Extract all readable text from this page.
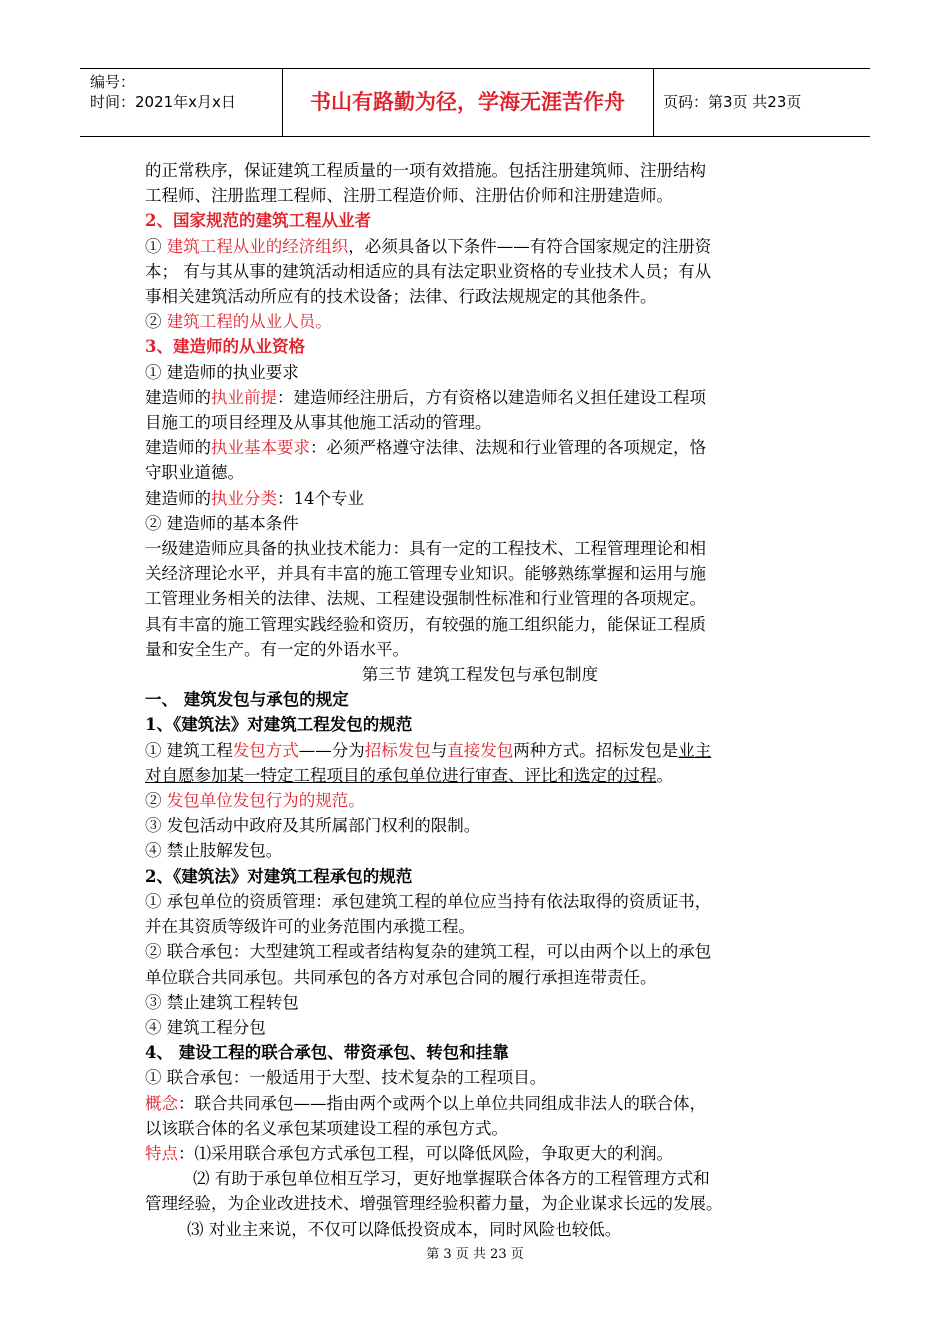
编号：
时间：2021年x月x日	书山有路勤为径，学海无涯苦作舟	页码：第3页 共23页

的正常秩序，保证建筑工程质量的一项有效措施。包括注册建筑师、注册结构

工程师、注册监理工程师、注册工程造价师、注册估价师和注册建造师。

2、国家规范的建筑工程从业者

① 建筑工程从业的经济组织，必须具备以下条件——有符合国家规定的注册资

本； 有与其从事的建筑活动相适应的具有法定职业资格的专业技术人员；有从

事相关建筑活动所应有的技术设备；法律、行政法规规定的其他条件。

② 建筑工程的从业人员。

3、建造师的从业资格

① 建造师的执业要求

建造师的执业前提：建造师经注册后，方有资格以建造师名义担任建设工程项

目施工的项目经理及从事其他施工活动的管理。

建造师的执业基本要求：必须严格遵守法律、法规和行业管理的各项规定，恪

守职业道德。

建造师的执业分类：14个专业

② 建造师的基本条件

一级建造师应具备的执业技术能力：具有一定的工程技术、工程管理理论和相

关经济理论水平，并具有丰富的施工管理专业知识。能够熟练掌握和运用与施

工管理业务相关的法律、法规、工程建设强制性标准和行业管理的各项规定。

具有丰富的施工管理实践经验和资历，有较强的施工组织能力，能保证工程质

量和安全生产。有一定的外语水平。

第三节 建筑工程发包与承包制度

一、 建筑发包与承包的规定

1、《建筑法》对建筑工程发包的规范

① 建筑工程发包方式——分为招标发包与直接发包两种方式。招标发包是业主

对自愿参加某一特定工程项目的承包单位进行审查、评比和选定的过程。

② 发包单位发包行为的规范。

③ 发包活动中政府及其所属部门权利的限制。

④ 禁止肢解发包。

2、《建筑法》对建筑工程承包的规范

① 承包单位的资质管理：承包建筑工程的单位应当持有依法取得的资质证书，

并在其资质等级许可的业务范围内承揽工程。

② 联合承包：大型建筑工程或者结构复杂的建筑工程，可以由两个以上的承包

单位联合共同承包。共同承包的各方对承包合同的履行承担连带责任。

③ 禁止建筑工程转包

④ 建筑工程分包

4、 建设工程的联合承包、带资承包、转包和挂靠

① 联合承包：一般适用于大型、技术复杂的工程项目。

概念：联合共同承包——指由两个或两个以上单位共同组成非法人的联合体，

以该联合体的名义承包某项建设工程的承包方式。

特点：⑴采用联合承包方式承包工程，可以降低风险，争取更大的利润。

⑵ 有助于承包单位相互学习，更好地掌握联合体各方的工程管理方式和

管理经验，为企业改进技术、增强管理经验积蓄力量，为企业谋求长远的发展。

⑶ 对业主来说，不仅可以降低投资成本，同时风险也较低。

第 3 页 共 23 页
